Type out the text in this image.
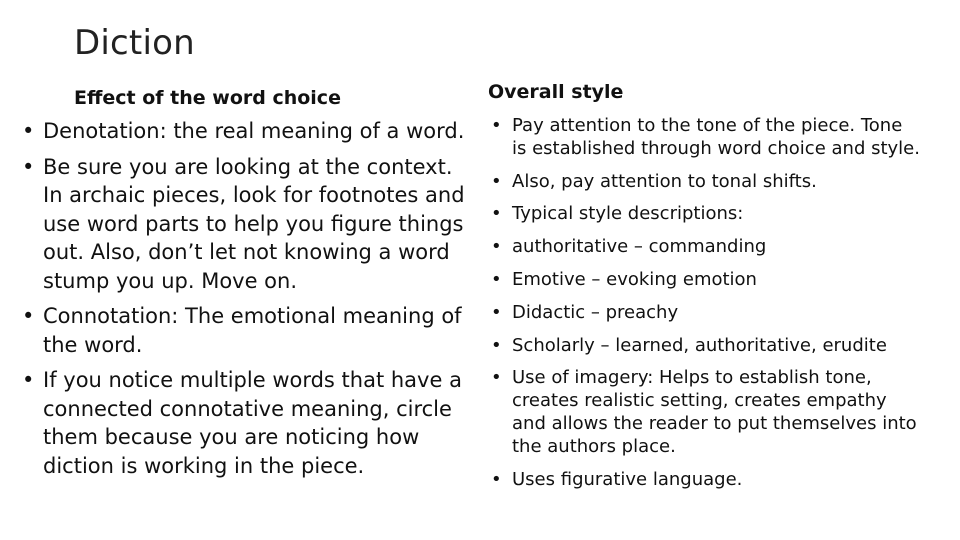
Diction
Effect of the word choice
• Denotation: the real meaning of a word.
• Be sure you are looking at the context. In archaic pieces, look for footnotes and use word parts to help you figure things out. Also, don’t let not knowing a word stump you up. Move on.
• Connotation: The emotional meaning of the word.
• If you notice multiple words that have a connected connotative meaning, circle them because you are noticing how diction is working in the piece.
Overall style
• Pay attention to the tone of the piece. Tone is established through word choice and style.
• Also, pay attention to tonal shifts.
• Typical style descriptions:
• authoritative – commanding
• Emotive – evoking emotion
• Didactic – preachy
• Scholarly – learned, authoritative, erudite
• Use of imagery: Helps to establish tone, creates realistic setting, creates empathy and allows the reader to put themselves into the authors place.
• Uses figurative language.
